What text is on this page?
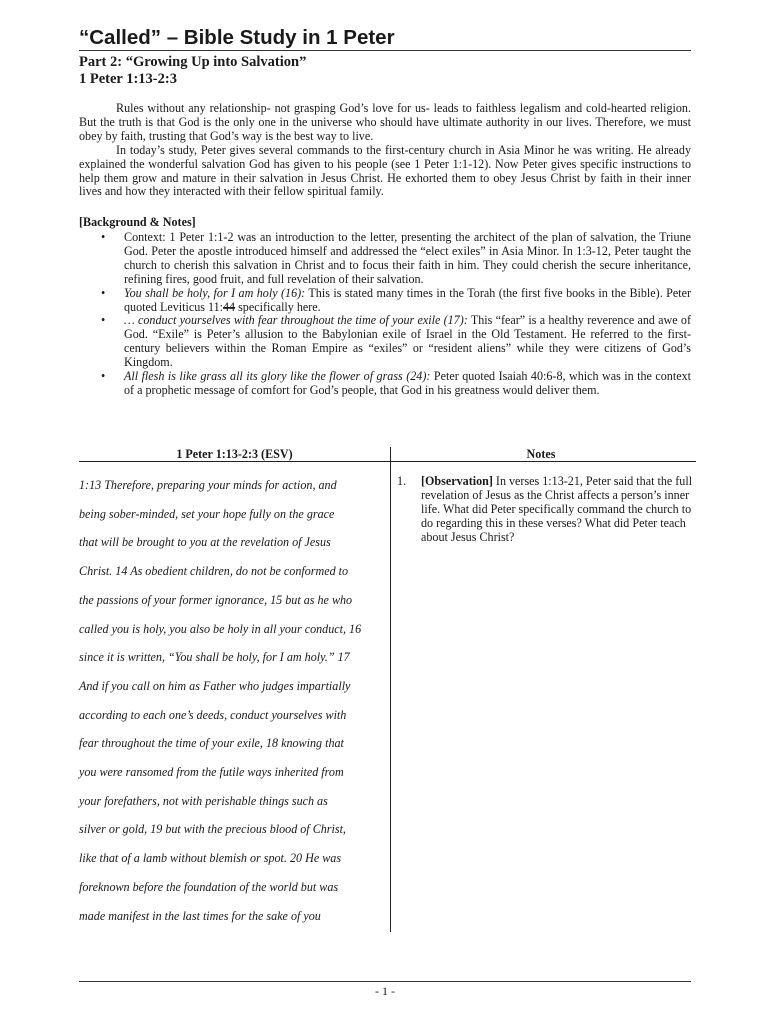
“Called” – Bible Study in 1 Peter
Part 2: “Growing Up into Salvation”
1 Peter 1:13-2:3

Rules without any relationship- not grasping God’s love for us- leads to faithless legalism and cold-hearted religion. But the truth is that God is the only one in the universe who should have ultimate authority in our lives. Therefore, we must obey by faith, trusting that God’s way is the best way to live.

In today’s study, Peter gives several commands to the first-century church in Asia Minor he was writing. He already explained the wonderful salvation God has given to his people (see 1 Peter 1:1-12). Now Peter gives specific instructions to help them grow and mature in their salvation in Jesus Christ. He exhorted them to obey Jesus Christ by faith in their inner lives and how they interacted with their fellow spiritual family.

[Background & Notes]
• Context: 1 Peter 1:1-2 was an introduction to the letter, presenting the architect of the plan of salvation, the Triune God. Peter the apostle introduced himself and addressed the “elect exiles” in Asia Minor. In 1:3-12, Peter taught the church to cherish this salvation in Christ and to focus their faith in him. They could cherish the secure inheritance, refining fires, good fruit, and full revelation of their salvation.
• You shall be holy, for I am holy (16): This is stated many times in the Torah (the first five books in the Bible). Peter quoted Leviticus 11:44 specifically here.
• … conduct yourselves with fear throughout the time of your exile (17): This “fear” is a healthy reverence and awe of God. “Exile” is Peter’s allusion to the Babylonian exile of Israel in the Old Testament. He referred to the first-century believers within the Roman Empire as “exiles” or “resident aliens” while they were citizens of God’s Kingdom.
• All flesh is like grass all its glory like the flower of grass (24): Peter quoted Isaiah 40:6-8, which was in the context of a prophetic message of comfort for God’s people, that God in his greatness would deliver them.
1 Peter 1:13-2:3 (ESV)	Notes
1:13 Therefore, preparing your minds for action, and
being sober-minded, set your hope fully on the grace
that will be brought to you at the revelation of Jesus
Christ. 14 As obedient children, do not be conformed to
the passions of your former ignorance, 15 but as he who
called you is holy, you also be holy in all your conduct, 16
since it is written, “You shall be holy, for I am holy.” 17
And if you call on him as Father who judges impartially
according to each one’s deeds, conduct yourselves with
fear throughout the time of your exile, 18 knowing that
you were ransomed from the futile ways inherited from
your forefathers, not with perishable things such as
silver or gold, 19 but with the precious blood of Christ,
like that of a lamb without blemish or spot. 20 He was
foreknown before the foundation of the world but was
made manifest in the last times for the sake of you
1. [Observation] In verses 1:13-21, Peter said that the full revelation of Jesus as the Christ affects a person’s inner life. What did Peter specifically command the church to do regarding this in these verses? What did Peter teach about Jesus Christ?
- 1 -
